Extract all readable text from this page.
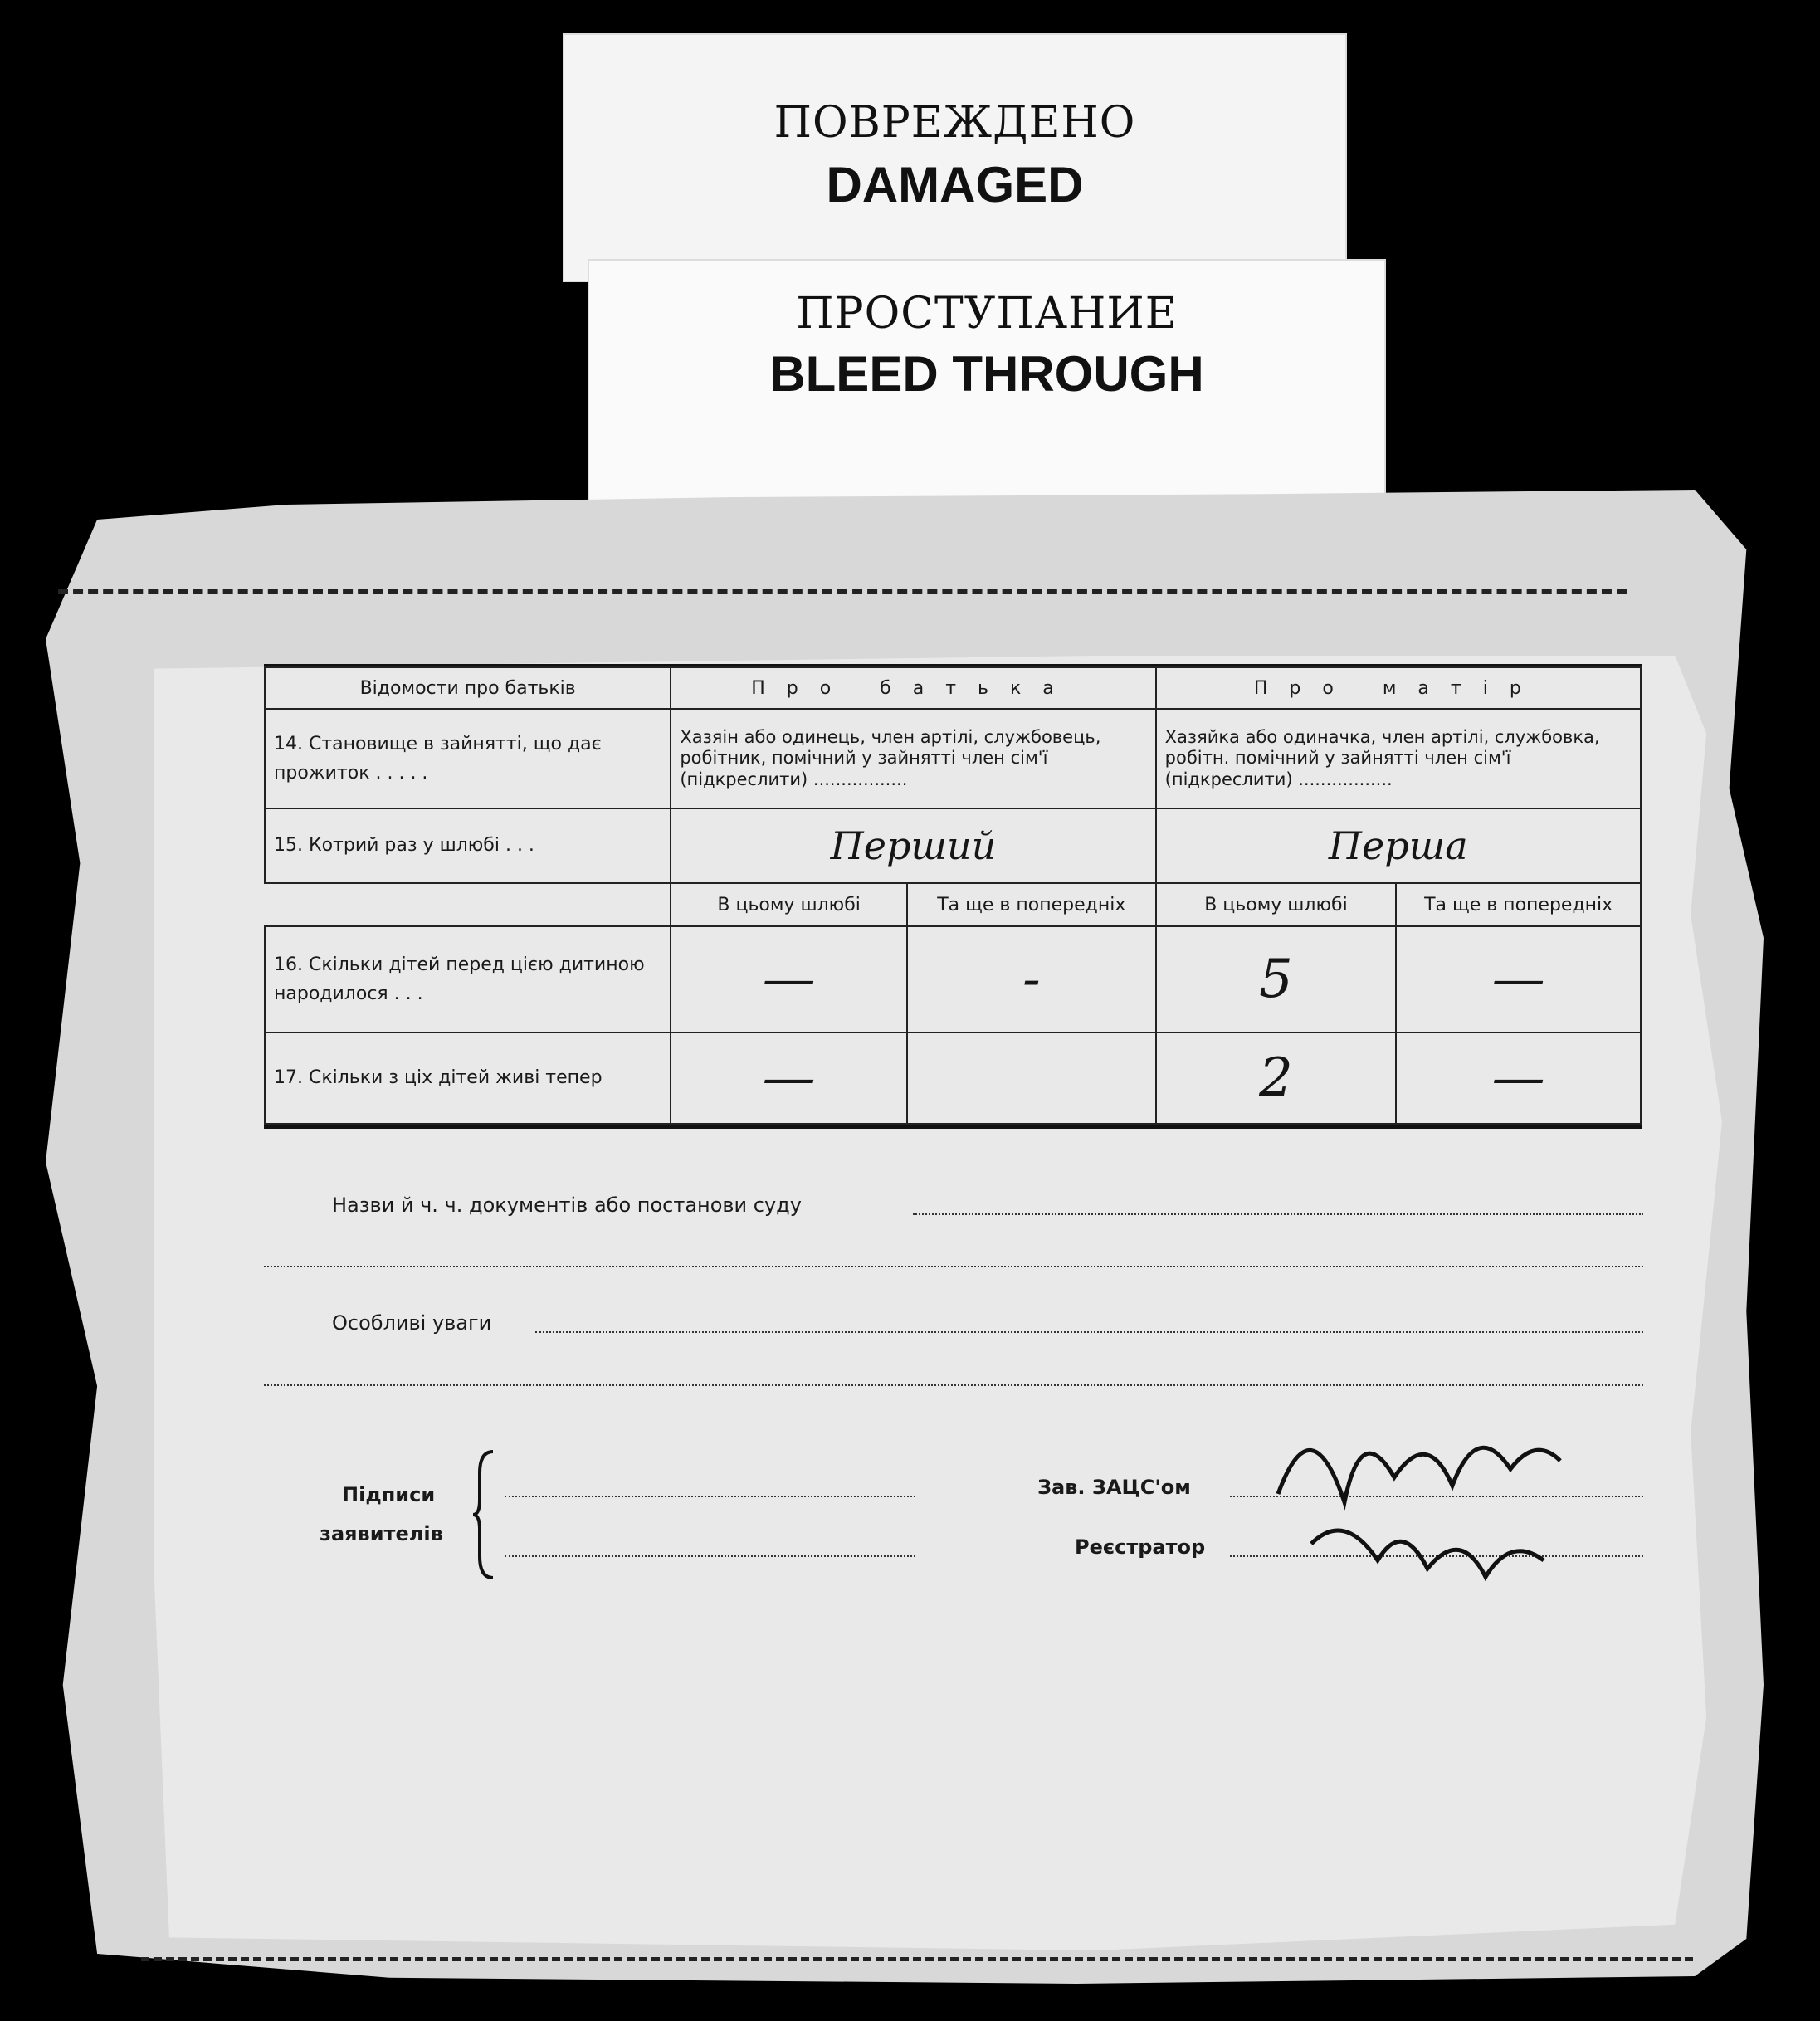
ПОВРЕЖДЕНО
DAMAGED
ПРОСТУПАНИЕ
BLEED THROUGH
Відомости про батьків	Про батька		Про матір	
14. Становище в зайнятті, що дає прожиток . . . . .	Хазяін або одинець, член артілі, службовець, робітник, помічний у зайнятті член сім'ї (підкреслити) .................		Хазяйка або одиначка, член артілі, службовка, робітн. помічний у зайнятті член сім'ї (підкреслити) .................	
15. Котрий раз у шлюбі . . .	Перший		Перша	
	В цьому шлюбі	Та ще в попередніх	В цьому шлюбі	Та ще в попередніх
16. Скільки дітей перед цією дитиною народилося . . .	—	-	5	—
17. Скільки з ціх дітей живі тепер	—		2	—
Назви й ч. ч. документів або постанови суду
Особливі уваги
Підписи
заявителів
Зав. ЗАЦС'ом
Реєстратор
